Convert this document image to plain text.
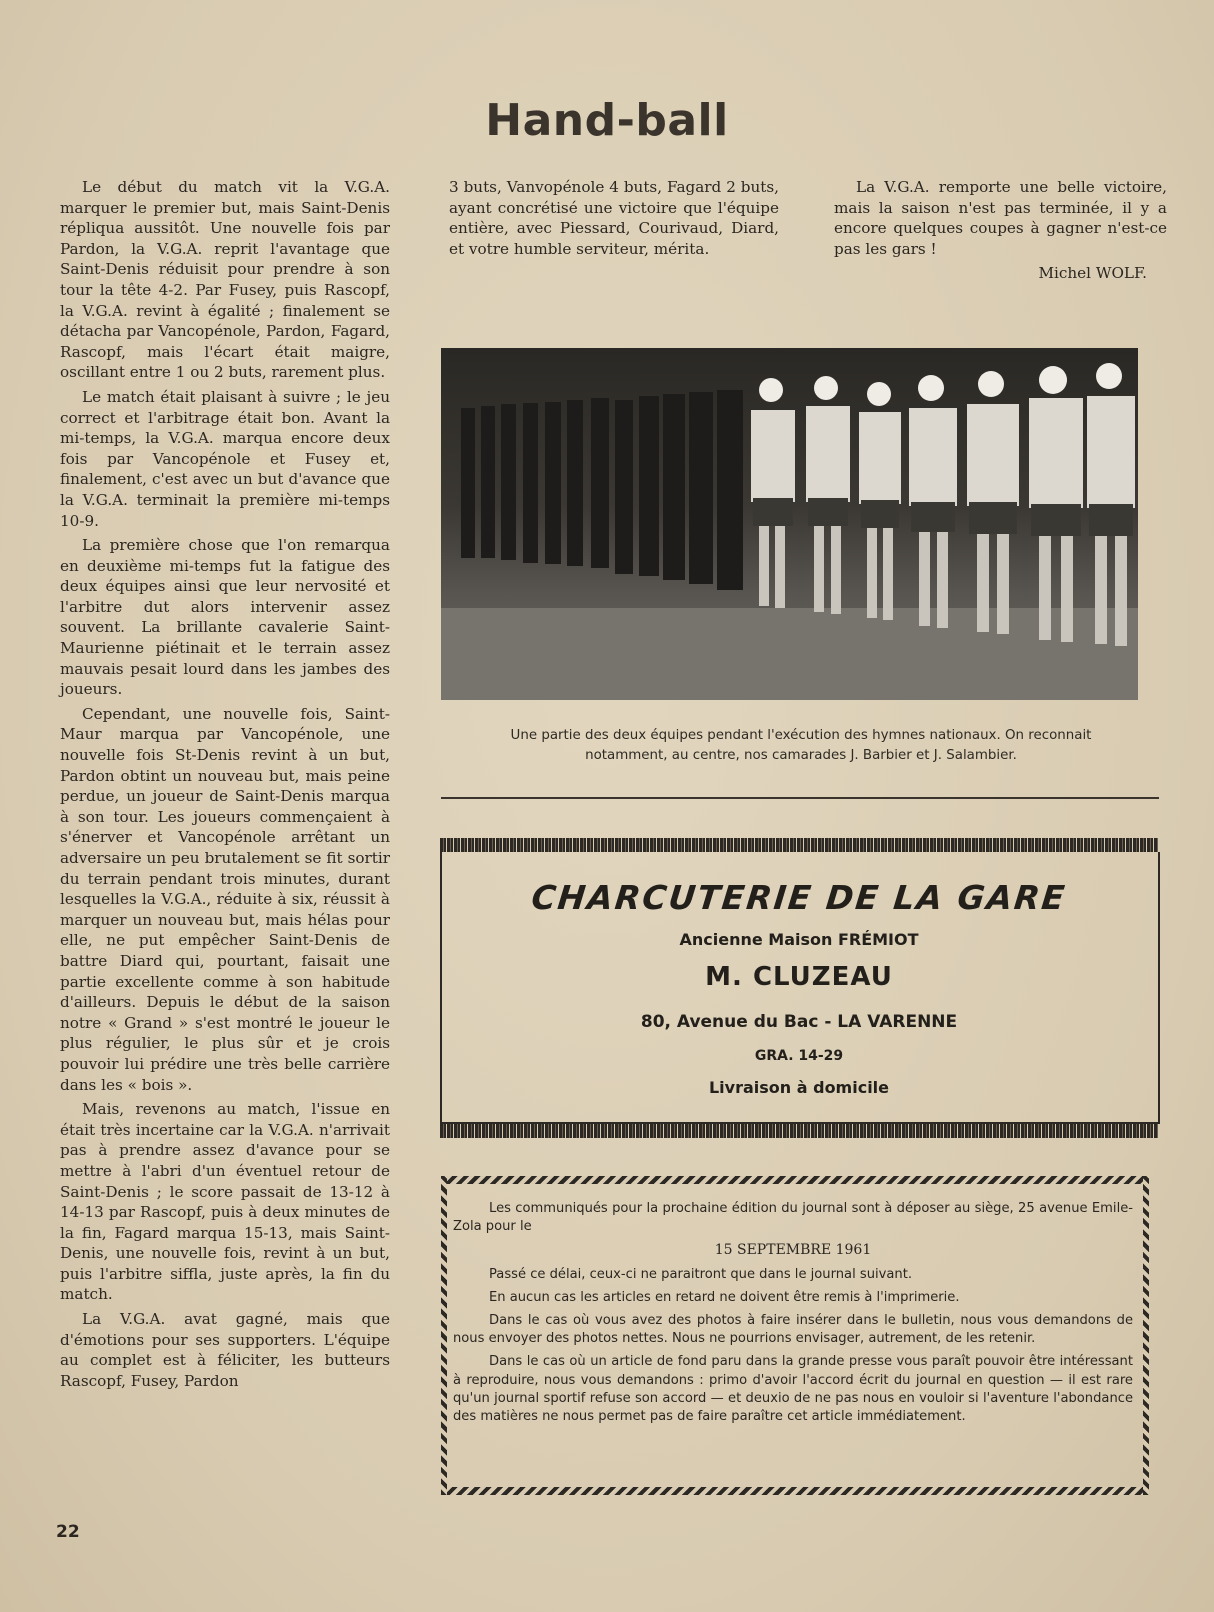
Hand-ball

Le début du match vit la V.G.A. marquer le premier but, mais Saint-Denis répliqua aussitôt. Une nouvelle fois par Pardon, la V.G.A. reprit l'avantage que Saint-Denis réduisit pour prendre à son tour la tête 4-2. Par Fusey, puis Rascopf, la V.G.A. revint à égalité ; finalement se détacha par Vancopénole, Pardon, Fagard, Rascopf, mais l'écart était maigre, oscillant entre 1 ou 2 buts, rarement plus.

Le match était plaisant à suivre ; le jeu correct et l'arbitrage était bon. Avant la mi-temps, la V.G.A. marqua encore deux fois par Vancopénole et Fusey et, finalement, c'est avec un but d'avance que la V.G.A. terminait la première mi-temps 10-9.

La première chose que l'on remarqua en deuxième mi-temps fut la fatigue des deux équipes ainsi que leur nervosité et l'arbitre dut alors intervenir assez souvent. La brillante cavalerie Saint-Maurienne piétinait et le terrain assez mauvais pesait lourd dans les jambes des joueurs.

Cependant, une nouvelle fois, Saint-Maur marqua par Vancopénole, une nouvelle fois St-Denis revint à un but, Pardon obtint un nouveau but, mais peine perdue, un joueur de Saint-Denis marqua à son tour. Les joueurs commençaient à s'énerver et Vancopénole arrêtant un adversaire un peu brutalement se fit sortir du terrain pendant trois minutes, durant lesquelles la V.G.A., réduite à six, réussit à marquer un nouveau but, mais hélas pour elle, ne put empêcher Saint-Denis de battre Diard qui, pourtant, faisait une partie excellente comme à son habitude d'ailleurs. Depuis le début de la saison notre « Grand » s'est montré le joueur le plus régulier, le plus sûr et je crois pouvoir lui prédire une très belle carrière dans les « bois ».

Mais, revenons au match, l'issue en était très incertaine car la V.G.A. n'arrivait pas à prendre assez d'avance pour se mettre à l'abri d'un éventuel retour de Saint-Denis ; le score passait de 13-12 à 14-13 par Rascopf, puis à deux minutes de la fin, Fagard marqua 15-13, mais Saint-Denis, une nouvelle fois, revint à un but, puis l'arbitre siffla, juste après, la fin du match.

La V.G.A. avat gagné, mais que d'émotions pour ses supporters. L'équipe au complet est à féliciter, les butteurs Rascopf, Fusey, Pardon

3 buts, Vanvopénole 4 buts, Fagard 2 buts, ayant concrétisé une victoire que l'équipe entière, avec Piessard, Courivaud, Diard, et votre humble serviteur, mérita.

La V.G.A. remporte une belle victoire, mais la saison n'est pas terminée, il y a encore quelques coupes à gagner n'est-ce pas les gars !

Michel WOLF.
Une partie des deux équipes pendant l'exécution des hymnes nationaux. On reconnait
notamment, au centre, nos camarades J. Barbier et J. Salambier.
CHARCUTERIE DE LA GARE
Ancienne Maison FRÉMIOT
M. CLUZEAU
80, Avenue du Bac - LA VARENNE
GRA. 14-29
Livraison à domicile

Les communiqués pour la prochaine édition du journal sont à déposer au siège, 25 avenue Emile-Zola pour le

15 SEPTEMBRE 1961

Passé ce délai, ceux-ci ne paraitront que dans le journal suivant.

En aucun cas les articles en retard ne doivent être remis à l'imprimerie.

Dans le cas où vous avez des photos à faire insérer dans le bulletin, nous vous demandons de nous envoyer des photos nettes. Nous ne pourrions envisager, autrement, de les retenir.

Dans le cas où un article de fond paru dans la grande presse vous paraît pouvoir être intéressant à reproduire, nous vous demandons : primo d'avoir l'accord écrit du journal en question — il est rare qu'un journal sportif refuse son accord — et deuxio de ne pas nous en vouloir si l'aventure l'abondance des matières ne nous permet pas de faire paraître cet article immédiatement.

22
